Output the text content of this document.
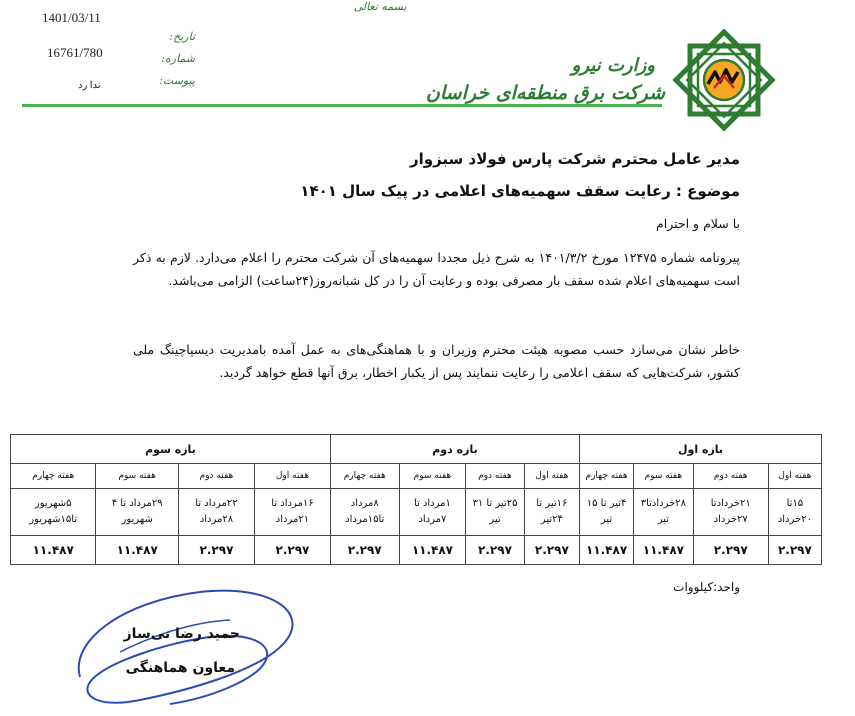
بسمه تعالی
1401/03/11
16761/780
ندا رد
تاریخ:
شماره:
پیوست:
وزارت نیرو
شرکت برق منطقه‌ای خراسان
مدیر عامل محترم شرکت پارس فولاد سبزوار
موضوع : رعایت سقف سهمیه‌های اعلامی در پیک سال ۱۴۰۱
با سلام و احترام
پیرونامه شماره ۱۲۴۷۵ مورخ ۱۴۰۱/۳/۲ به شرح ذیل مجددا سهمیه‌های آن شرکت محترم را اعلام می‌دارد. لازم به ذکر است سهمیه‌های اعلام شده سقف بار مصرفی بوده و رعایت آن را در کل شبانه‌روز(۲۴ساعت) الزامی می‌باشد.
خاطر نشان می‌سازد حسب مصوبه هیئت محترم وزیران و با هماهنگی‌های به عمل آمده بامدیریت دیسپاچینگ ملی کشور، شرکت‌هایی که سقف اعلامی را رعایت ننمایند پس از یکبار اخطار، برق آنها قطع خواهد گردید.
بازه اول				بازه دوم				بازه سوم			
هفته اول	هفته دوم	هفته سوم	هفته چهارم	هفته اول	هفته دوم	هفته سوم	هفته چهارم	هفته اول	هفته دوم	هفته سوم	هفته چهارم
۱۵تا ۲۰خرداد	۲۱خردادتا ۲۷خرداد	۲۸خردادتا۳ تیر	۴تیر تا ۱۵ تیر	۱۶تیر تا ۲۴تیر	۲۵تیر تا ۳۱ تیر	۱مرداد تا ۷مرداد	۸مرداد تا۱۵مرداد	۱۶مرداد تا ۲۱مرداد	۲۲مرداد تا ۲۸مرداد	۲۹مرداد تا ۴ شهریور	۵شهریور تا۱۵شهریور
۲.۲۹۷	۲.۲۹۷	۱۱.۴۸۷	۱۱.۴۸۷	۲.۲۹۷	۲.۲۹۷	۱۱.۴۸۷	۲.۲۹۷	۲.۲۹۷	۲.۲۹۷	۱۱.۴۸۷	۱۱.۴۸۷
واحد:کیلووات
حمید رضا نی‌ساز
معاون هماهنگی
